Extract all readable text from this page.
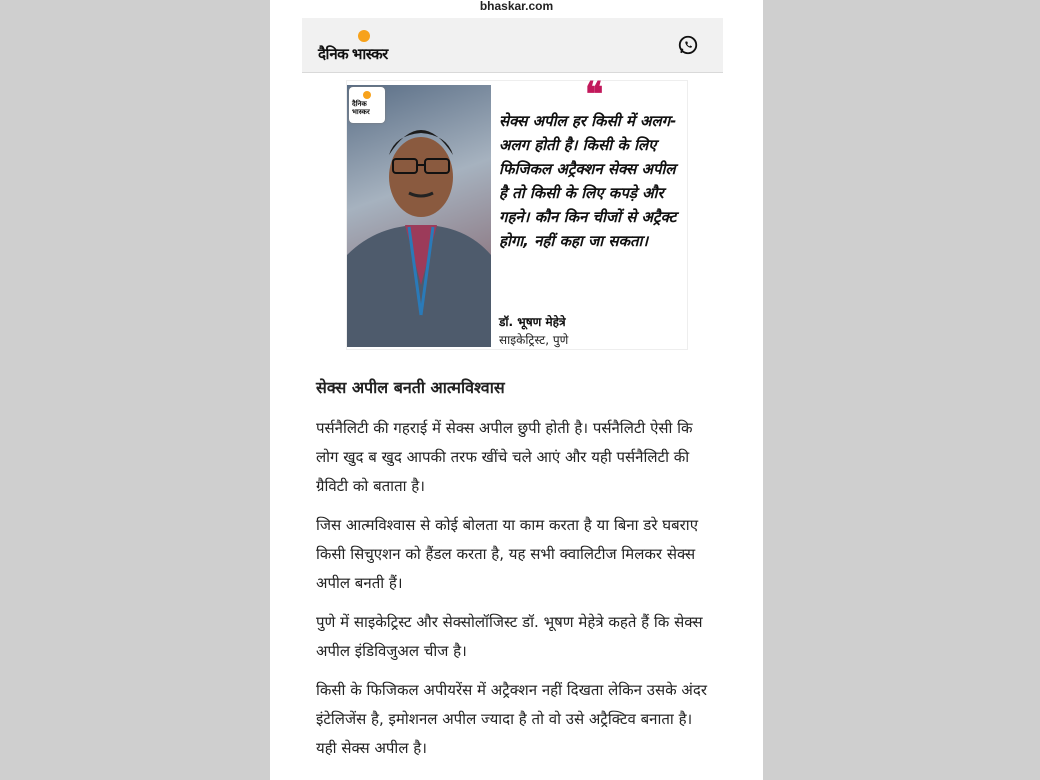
bhaskar.com
दैनिक भास्कर
दैनिक भास्कर	❝
सेक्स अपील हर किसी में अलग-अलग होती है। किसी के लिए फिजिकल अट्रैक्शन सेक्स अपील है तो किसी के लिए कपड़े और गहने। कौन किन चीजों से अट्रैक्ट होगा, नहीं कहा जा सकता।
डॉ. भूषण मेहेत्रे
साइकेट्रिस्ट, पुणे
सेक्स अपील बनती आत्मविश्वास

पर्सनैलिटी की गहराई में सेक्स अपील छुपी होती है। पर्सनैलिटी ऐसी कि लोग खुद ब खुद आपकी तरफ खींचे चले आएं और यही पर्सनैलिटी की ग्रैविटी को बताता है।

जिस आत्मविश्वास से कोई बोलता या काम करता है या बिना डरे घबराए किसी सिचुएशन को हैंडल करता है, यह सभी क्वालिटीज मिलकर सेक्स अपील बनती हैं।

पुणे में साइकेट्रिस्ट और सेक्सोलॉजिस्ट डॉ. भूषण मेहेत्रे कहते हैं कि सेक्स अपील इंडिविजुअल चीज है।

किसी के फिजिकल अपीयरेंस में अट्रैक्शन नहीं दिखता लेकिन उसके अंदर इंटेलिजेंस है, इमोशनल अपील ज्यादा है तो वो उसे अट्रैक्टिव बनाता है। यही सेक्स अपील है।
